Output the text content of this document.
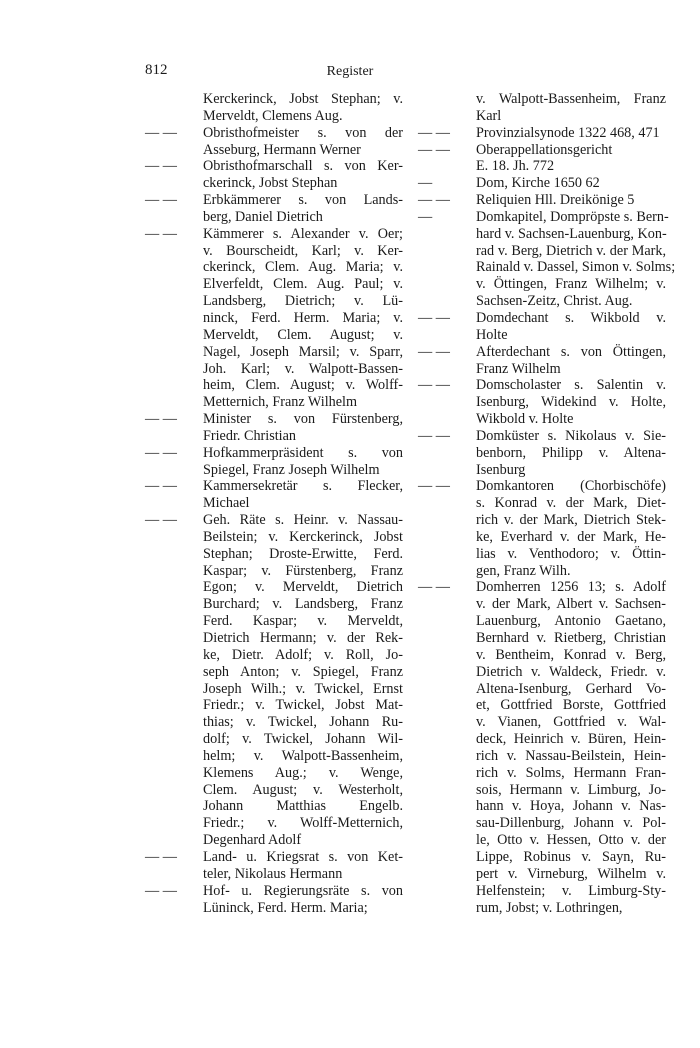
812	Register
Kerckerinck, Jobst Stephan; v.
Merveldt, Clemens Aug.
— — Obristhofmeister s. von der
Asseburg, Hermann Werner
— — Obristhofmarschall s. von Ker-
ckerinck, Jobst Stephan
— — Erbkämmerer s. von Lands-
berg, Daniel Dietrich
— — Kämmerer s. Alexander v. Oer;
v. Bourscheidt, Karl; v. Ker-
ckerinck, Clem. Aug. Maria; v.
Elverfeldt, Clem. Aug. Paul; v.
Landsberg, Dietrich; v. Lü-
ninck, Ferd. Herm. Maria; v.
Merveldt, Clem. August; v.
Nagel, Joseph Marsil; v. Sparr,
Joh. Karl; v. Walpott-Bassen-
heim, Clem. August; v. Wolff-
Metternich, Franz Wilhelm
— — Minister s. von Fürstenberg,
Friedr. Christian
— — Hofkammerpräsident s. von
Spiegel, Franz Joseph Wilhelm
— — Kammersekretär s. Flecker,
Michael
— — Geh. Räte s. Heinr. v. Nassau-
Beilstein; v. Kerckerinck, Jobst
Stephan; Droste-Erwitte, Ferd.
Kaspar; v. Fürstenberg, Franz
Egon; v. Merveldt, Dietrich
Burchard; v. Landsberg, Franz
Ferd. Kaspar; v. Merveldt,
Dietrich Hermann; v. der Rek-
ke, Dietr. Adolf; v. Roll, Jo-
seph Anton; v. Spiegel, Franz
Joseph Wilh.; v. Twickel, Ernst
Friedr.; v. Twickel, Jobst Mat-
thias; v. Twickel, Johann Ru-
dolf; v. Twickel, Johann Wil-
helm; v. Walpott-Bassenheim,
Klemens Aug.; v. Wenge,
Clem. August; v. Westerholt,
Johann Matthias Engelb.
Friedr.; v. Wolff-Metternich,
Degenhard Adolf
— — Land- u. Kriegsrat s. von Ket-
teler, Nikolaus Hermann
— — Hof- u. Regierungsräte s. von
Lüninck, Ferd. Herm. Maria;
v. Walpott-Bassenheim, Franz
Karl
— — Provinzialsynode 1322 468, 471
— — Oberappellationsgericht
E. 18. Jh. 772
—	Dom, Kirche 1650 62
— — Reliquien Hll. Dreikönige 5
—	Domkapitel, Dompröpste s. Bern-
hard v. Sachsen-Lauenburg, Kon-
rad v. Berg, Dietrich v. der Mark,
Rainald v. Dassel, Simon v. Solms;
v. Öttingen, Franz Wilhelm; v.
Sachsen-Zeitz, Christ. Aug.
— — Domdechant s. Wikbold v.
Holte
— — Afterdechant s. von Öttingen,
Franz Wilhelm
— — Domscholaster s. Salentin v.
Isenburg, Widekind v. Holte,
Wikbold v. Holte
— — Domküster s. Nikolaus v. Sie-
benborn, Philipp v. Altena-
Isenburg
— — Domkantoren (Chorbischöfe)
s. Konrad v. der Mark, Diet-
rich v. der Mark, Dietrich Stek-
ke, Everhard v. der Mark, He-
lias v. Venthodoro; v. Öttin-
gen, Franz Wilh.
— — Domherren 1256 13; s. Adolf
v. der Mark, Albert v. Sachsen-
Lauenburg, Antonio Gaetano,
Bernhard v. Rietberg, Christian
v. Bentheim, Konrad v. Berg,
Dietrich v. Waldeck, Friedr. v.
Altena-Isenburg, Gerhard Vo-
et, Gottfried Borste, Gottfried
v. Vianen, Gottfried v. Wal-
deck, Heinrich v. Büren, Hein-
rich v. Nassau-Beilstein, Hein-
rich v. Solms, Hermann Fran-
sois, Hermann v. Limburg, Jo-
hann v. Hoya, Johann v. Nas-
sau-Dillenburg, Johann v. Pol-
le, Otto v. Hessen, Otto v. der
Lippe, Robinus v. Sayn, Ru-
pert v. Virneburg, Wilhelm v.
Helfenstein; v. Limburg-Sty-
rum, Jobst; v. Lothringen,
